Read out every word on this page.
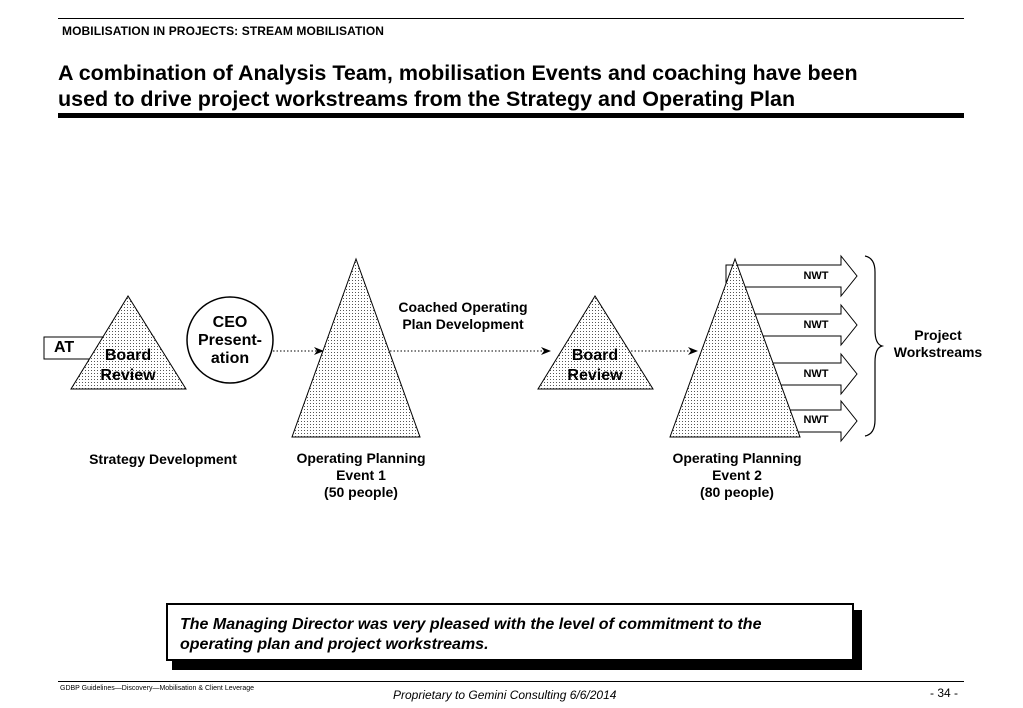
MOBILISATION IN PROJECTS: STREAM MOBILISATION
A combination of Analysis Team, mobilisation Events and coaching have been
used to drive project workstreams from the Strategy and Operating Plan
AT	Board
Review
CEO
Present-
ation
Strategy Development	Operating Planning
Event 1
(50 people)
Coached Operating
Plan Development
Board
Review
Operating Planning
Event 2
(80 people)
NWT
NWT
NWT
NWT
Project
Workstreams
The Managing Director was very pleased with the level of commitment to the
operating plan and project workstreams.
GDBP Guidelines—Discovery—Mobilisation & Client Leverage	Proprietary to Gemini Consulting 6/6/2014	- 34 -
